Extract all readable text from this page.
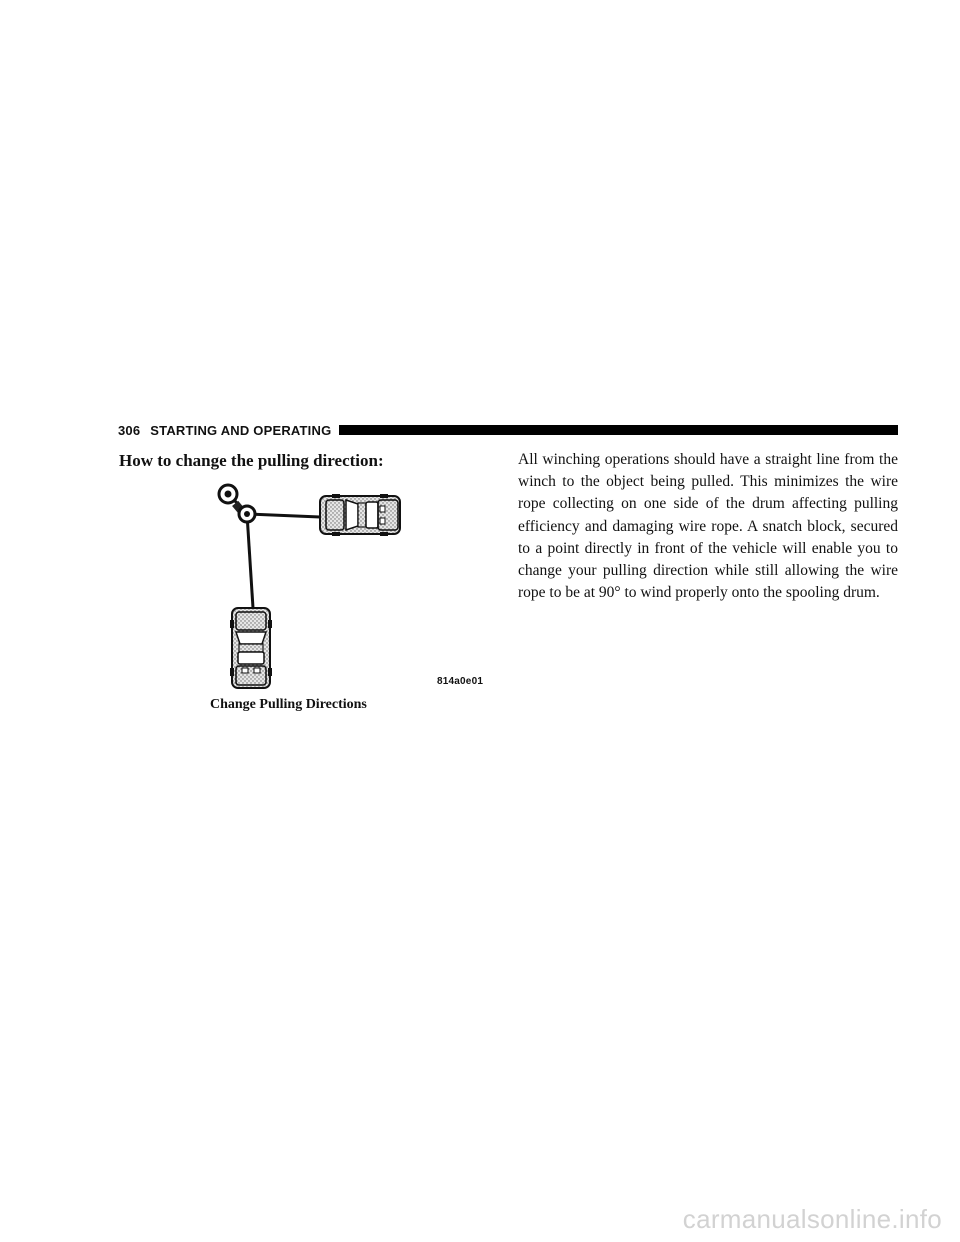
306 STARTING AND OPERATING
How to change the pulling direction:
814a0e01
Change Pulling Directions
All winching operations should have a straight line from the winch to the object being pulled. This minimizes the wire rope collecting on one side of the drum affecting pulling efficiency and damaging wire rope. A snatch block, secured to a point directly in front of the vehicle will enable you to change your pulling direction while still allowing the wire rope to be at 90° to wind properly onto the spooling drum.
carmanualsonline.info
